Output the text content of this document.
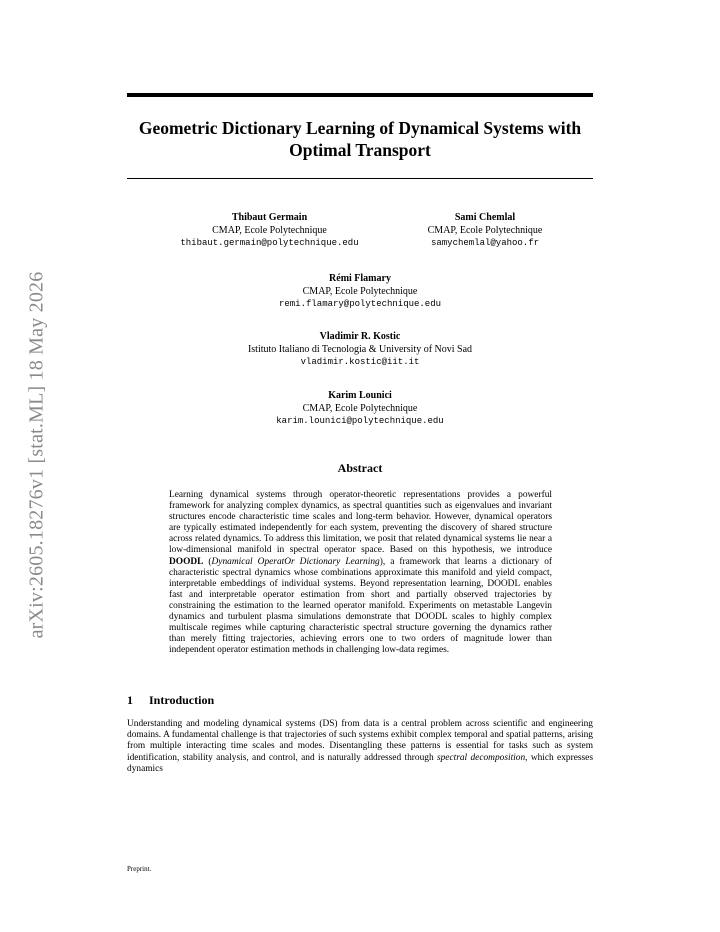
arXiv:2605.18276v1 [stat.ML] 18 May 2026
Geometric Dictionary Learning of Dynamical Systems with Optimal Transport
Thibaut Germain
CMAP, Ecole Polytechnique
thibaut.germain@polytechnique.edu
Sami Chemlal
CMAP, Ecole Polytechnique
samychemlal@yahoo.fr
Rémi Flamary
CMAP, Ecole Polytechnique
remi.flamary@polytechnique.edu
Vladimir R. Kostic
Istituto Italiano di Tecnologia & University of Novi Sad
vladimir.kostic@iit.it
Karim Lounici
CMAP, Ecole Polytechnique
karim.lounici@polytechnique.edu
Abstract
Learning dynamical systems through operator-theoretic representations provides a powerful framework for analyzing complex dynamics, as spectral quantities such as eigenvalues and invariant structures encode characteristic time scales and long-term behavior. However, dynamical operators are typically estimated independently for each system, preventing the discovery of shared structure across related dynamics. To address this limitation, we posit that related dynamical systems lie near a low-dimensional manifold in spectral operator space. Based on this hypothesis, we introduce DOODL (Dynamical OperatOr Dictionary Learning), a framework that learns a dictionary of characteristic spectral dynamics whose combinations approximate this manifold and yield compact, interpretable embeddings of individual systems. Beyond representation learning, DOODL enables fast and interpretable operator estimation from short and partially observed trajectories by constraining the estimation to the learned operator manifold. Experiments on metastable Langevin dynamics and turbulent plasma simulations demonstrate that DOODL scales to highly complex multiscale regimes while capturing characteristic spectral structure governing the dynamics rather than merely fitting trajectories, achieving errors one to two orders of magnitude lower than independent operator estimation methods in challenging low-data regimes.
1 Introduction
Understanding and modeling dynamical systems (DS) from data is a central problem across scientific and engineering domains. A fundamental challenge is that trajectories of such systems exhibit complex temporal and spatial patterns, arising from multiple interacting time scales and modes. Disentangling these patterns is essential for tasks such as system identification, stability analysis, and control, and is naturally addressed through spectral decomposition, which expresses dynamics
Preprint.
